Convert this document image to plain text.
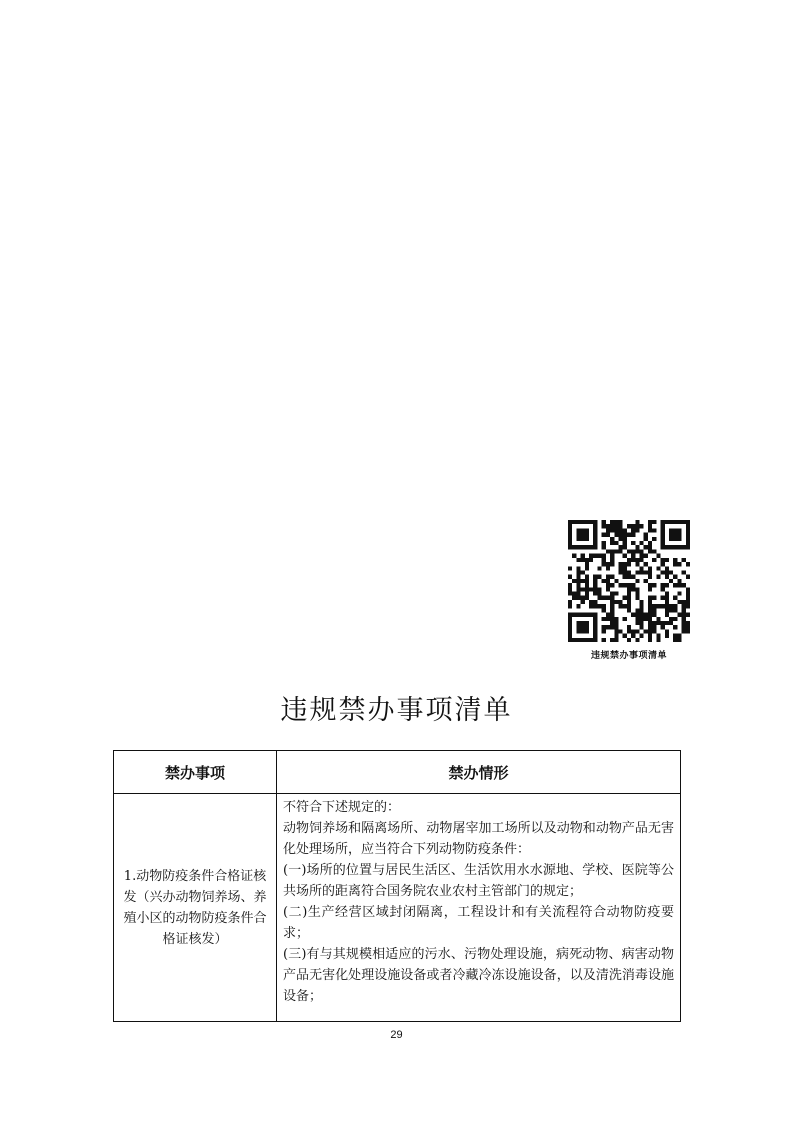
违规禁办事项清单
违规禁办事项清单
禁办事项	禁办情形
1.动物防疫条件合格证核发（兴办动物饲养场、养殖小区的动物防疫条件合格证核发）	不符合下述规定的：

动物饲养场和隔离场所、动物屠宰加工场所以及动物和动物产品无害化处理场所，应当符合下列动物防疫条件：

(一)场所的位置与居民生活区、生活饮用水水源地、学校、医院等公共场所的距离符合国务院农业农村主管部门的规定；

(二)生产经营区域封闭隔离，工程设计和有关流程符合动物防疫要求；

(三)有与其规模相适应的污水、污物处理设施，病死动物、病害动物产品无害化处理设施设备或者冷藏冷冻设施设备，以及清洗消毒设施设备；

29
